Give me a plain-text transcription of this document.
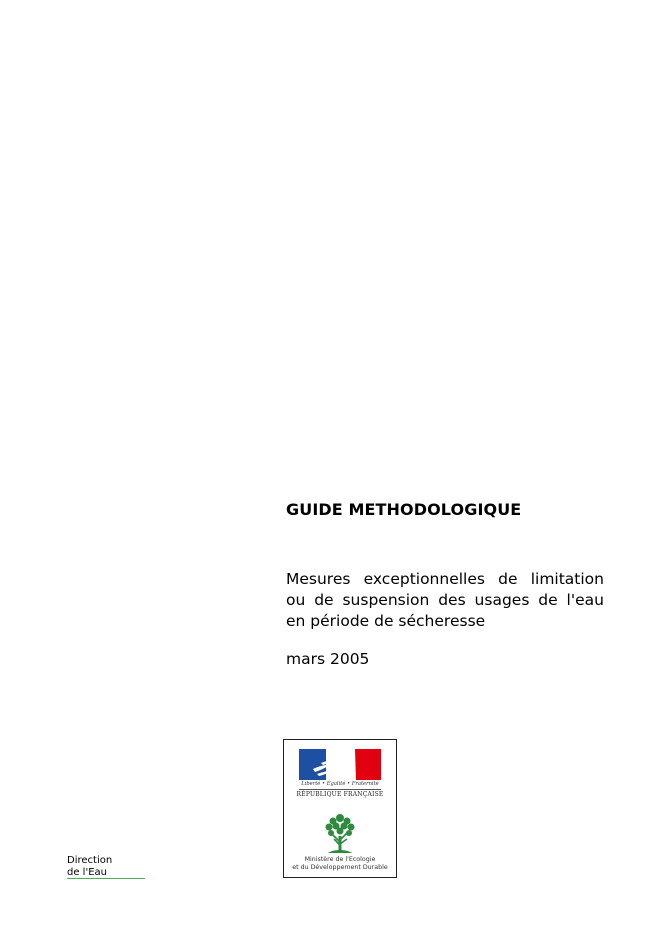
GUIDE METHODOLOGIQUE
Mesures exceptionnelles de limitation
ou de suspension des usages de l'eau
en période de sécheresse
mars 2005
Liberté • Égalité • Fraternité
RÉPUBLIQUE FRANÇAISE
Ministère de l'Ecologie
et du Développement Durable
Direction
de l'Eau
